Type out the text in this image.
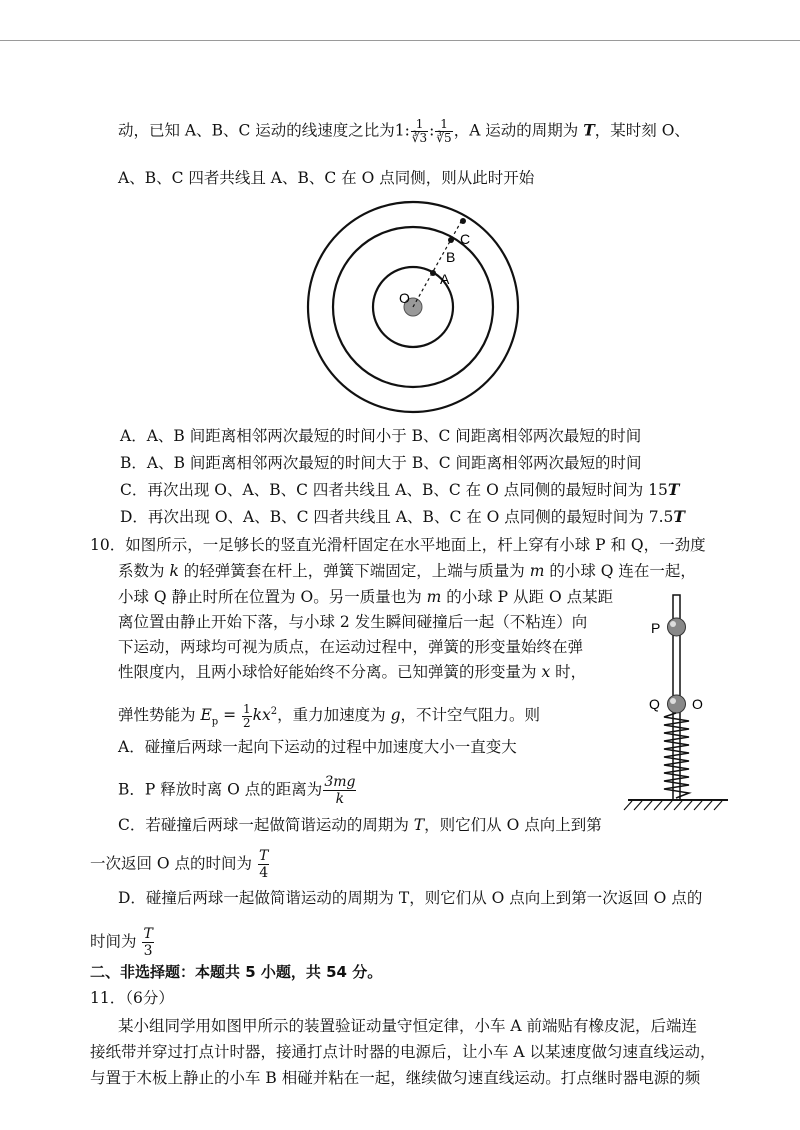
动，已知 A、B、C 运动的线速度之比为1: $\frac{1}{∛3}$ : $\frac{1}{∛5}$ ，A 运动的周期为 T，某时刻 O、
A、B、C 四者共线且 A、B、C 在 O 点同侧，则从此时开始
O
A
B
C
A．A、B 间距离相邻两次最短的时间小于 B、C 间距离相邻两次最短的时间
B．A、B 间距离相邻两次最短的时间大于 B、C 间距离相邻两次最短的时间
C．再次出现 O、A、B、C 四者共线且 A、B、C 在 O 点同侧的最短时间为 15T
D．再次出现 O、A、B、C 四者共线且 A、B、C 在 O 点同侧的最短时间为 7.5T
10．如图所示，一足够长的竖直光滑杆固定在水平地面上，杆上穿有小球 P 和 Q，一劲度
系数为 k 的轻弹簧套在杆上，弹簧下端固定，上端与质量为 m 的小球 Q 连在一起，
小球 Q 静止时所在位置为 O。另一质量也为 m 的小球 P 从距 O 点某距
离位置由静止开始下落，与小球 2 发生瞬间碰撞后一起（不粘连）向
下运动，两球均可视为质点，在运动过程中，弹簧的形变量始终在弹
性限度内，且两小球恰好能始终不分离。已知弹簧的形变量为 x 时，
弹性势能为 $E_p = \frac{1}{2} kx^2$，重力加速度为 g，不计空气阻力。则
A．碰撞后两球一起向下运动的过程中加速度大小一直变大
B．P 释放时离 O 点的距离为 $\frac{3mg}{k}$
C．若碰撞后两球一起做简谐运动的周期为 T，则它们从 O 点向上到第
一次返回 O 点的时间为 $\frac{T}{4}$
D．碰撞后两球一起做简谐运动的周期为 T，则它们从 O 点向上到第一次返回 O 点的
时间为 $\frac{T}{3}$
P
Q O
二、非选择题：本题共 5 小题，共 54 分。
11．（6分）
某小组同学用如图甲所示的装置验证动量守恒定律，小车 A 前端贴有橡皮泥，后端连
接纸带并穿过打点计时器，接通打点计时器的电源后，让小车 A 以某速度做匀速直线运动，
与置于木板上静止的小车 B 相碰并粘在一起，继续做匀速直线运动。打点继时器电源的频
